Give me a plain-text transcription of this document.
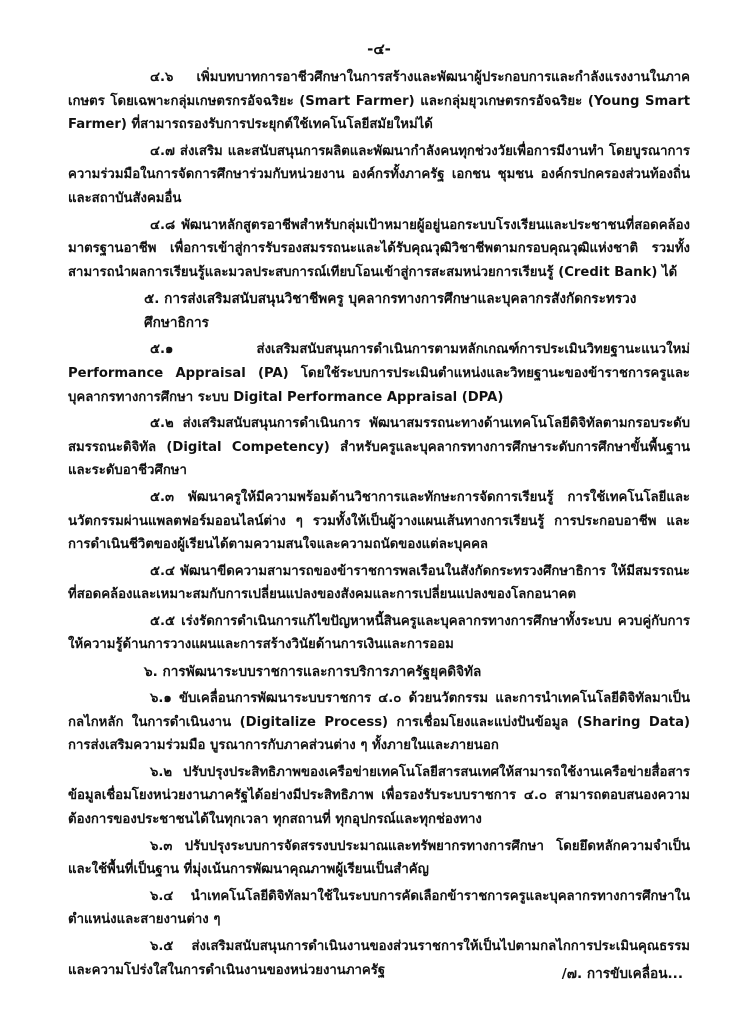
-๔-

๔.๖ เพิ่มบทบาทการอาชีวศึกษาในการสร้างและพัฒนาผู้ประกอบการและกำลังแรงงานในภาคเกษตร โดยเฉพาะกลุ่มเกษตรกรอัจฉริยะ (Smart Farmer) และกลุ่มยุวเกษตรกรอัจฉริยะ (Young Smart Farmer) ที่สามารถรองรับการประยุกต์ใช้เทคโนโลยีสมัยใหม่ได้

๔.๗ ส่งเสริม และสนับสนุนการผลิตและพัฒนากำลังคนทุกช่วงวัยเพื่อการมีงานทำ โดยบูรณาการความร่วมมือในการจัดการศึกษาร่วมกับหน่วยงาน องค์กรทั้งภาครัฐ เอกชน ชุมชน องค์กรปกครองส่วนท้องถิ่น และสถาบันสังคมอื่น

๔.๘ พัฒนาหลักสูตรอาชีพสำหรับกลุ่มเป้าหมายผู้อยู่นอกระบบโรงเรียนและประชาชนที่สอดคล้องมาตรฐานอาชีพ เพื่อการเข้าสู่การรับรองสมรรถนะและได้รับคุณวุฒิวิชาชีพตามกรอบคุณวุฒิแห่งชาติ รวมทั้งสามารถนำผลการเรียนรู้และมวลประสบการณ์เทียบโอนเข้าสู่การสะสมหน่วยการเรียนรู้ (Credit Bank) ได้

๕. การส่งเสริมสนับสนุนวิชาชีพครู บุคลากรทางการศึกษาและบุคลากรสังกัดกระทรวงศึกษาธิการ

๕.๑ ส่งเสริมสนับสนุนการดำเนินการตามหลักเกณฑ์การประเมินวิทยฐานะแนวใหม่ Performance Appraisal (PA) โดยใช้ระบบการประเมินตำแหน่งและวิทยฐานะของข้าราชการครูและบุคลากรทางการศึกษา ระบบ Digital Performance Appraisal (DPA)

๕.๒ ส่งเสริมสนับสนุนการดำเนินการ พัฒนาสมรรถนะทางด้านเทคโนโลยีดิจิทัลตามกรอบระดับสมรรถนะดิจิทัล (Digital Competency) สำหรับครูและบุคลากรทางการศึกษาระดับการศึกษาขั้นพื้นฐานและระดับอาชีวศึกษา

๕.๓ พัฒนาครูให้มีความพร้อมด้านวิชาการและทักษะการจัดการเรียนรู้ การใช้เทคโนโลยีและนวัตกรรมผ่านแพลตฟอร์มออนไลน์ต่าง ๆ รวมทั้งให้เป็นผู้วางแผนเส้นทางการเรียนรู้ การประกอบอาชีพ และการดำเนินชีวิตของผู้เรียนได้ตามความสนใจและความถนัดของแต่ละบุคคล

๕.๔ พัฒนาขีดความสามารถของข้าราชการพลเรือนในสังกัดกระทรวงศึกษาธิการ ให้มีสมรรถนะที่สอดคล้องและเหมาะสมกับการเปลี่ยนแปลงของสังคมและการเปลี่ยนแปลงของโลกอนาคต

๕.๕ เร่งรัดการดำเนินการแก้ไขปัญหาหนี้สินครูและบุคลากรทางการศึกษาทั้งระบบ ควบคู่กับการให้ความรู้ด้านการวางแผนและการสร้างวินัยด้านการเงินและการออม

๖. การพัฒนาระบบราชการและการบริการภาครัฐยุคดิจิทัล

๖.๑ ขับเคลื่อนการพัฒนาระบบราชการ ๔.๐ ด้วยนวัตกรรม และการนำเทคโนโลยีดิจิทัลมาเป็นกลไกหลัก ในการดำเนินงาน (Digitalize Process) การเชื่อมโยงและแบ่งปันข้อมูล (Sharing Data) การส่งเสริมความร่วมมือ บูรณาการกับภาคส่วนต่าง ๆ ทั้งภายในและภายนอก

๖.๒ ปรับปรุงประสิทธิภาพของเครือข่ายเทคโนโลยีสารสนเทศให้สามารถใช้งานเครือข่ายสื่อสารข้อมูลเชื่อมโยงหน่วยงานภาครัฐได้อย่างมีประสิทธิภาพ เพื่อรองรับระบบราชการ ๔.๐ สามารถตอบสนองความต้องการของประชาชนได้ในทุกเวลา ทุกสถานที่ ทุกอุปกรณ์และทุกช่องทาง

๖.๓ ปรับปรุงระบบการจัดสรรงบประมาณและทรัพยากรทางการศึกษา โดยยึดหลักความจำเป็นและใช้พื้นที่เป็นฐาน ที่มุ่งเน้นการพัฒนาคุณภาพผู้เรียนเป็นสำคัญ

๖.๔ นำเทคโนโลยีดิจิทัลมาใช้ในระบบการคัดเลือกข้าราชการครูและบุคลากรทางการศึกษาในตำแหน่งและสายงานต่าง ๆ

๖.๕ ส่งเสริมสนับสนุนการดำเนินงานของส่วนราชการให้เป็นไปตามกลไกการประเมินคุณธรรมและความโปร่งใสในการดำเนินงานของหน่วยงานภาครัฐ	/๗. การขับเคลื่อน...
